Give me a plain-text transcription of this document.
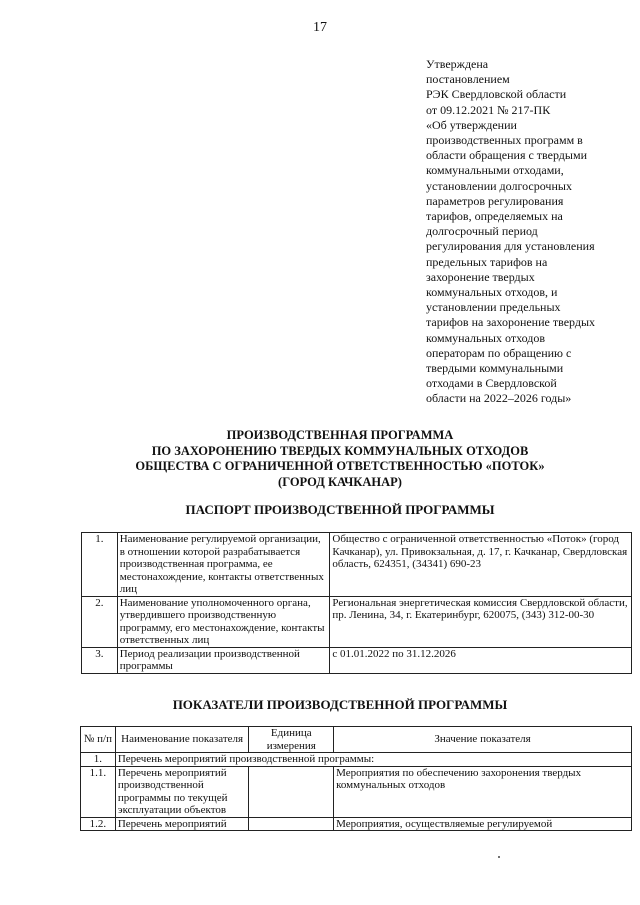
17
Утверждена
постановлением
РЭК Свердловской области
от 09.12.2021 № 217-ПК
«Об утверждении
производственных программ в
области обращения с твердыми
коммунальными отходами,
установлении долгосрочных
параметров регулирования
тарифов, определяемых на
долгосрочный период
регулирования для установления
предельных тарифов на
захоронение твердых
коммунальных отходов, и
установлении предельных
тарифов на захоронение твердых
коммунальных отходов
операторам по обращению с
твердыми коммунальными
отходами в Свердловской
области на 2022–2026 годы»
ПРОИЗВОДСТВЕННАЯ ПРОГРАММА
ПО ЗАХОРОНЕНИЮ ТВЕРДЫХ КОММУНАЛЬНЫХ ОТХОДОВ
ОБЩЕСТВА С ОГРАНИЧЕННОЙ ОТВЕТСТВЕННОСТЬЮ «ПОТОК»
(ГОРОД КАЧКАНАР)
ПАСПОРТ ПРОИЗВОДСТВЕННОЙ ПРОГРАММЫ
1.	Наименование регулируемой организации, в отношении которой разрабатывается производственная программа, ее местонахождение, контакты ответственных лиц	Общество с ограниченной ответственностью «Поток» (город Качканар), ул. Привокзальная, д. 17, г. Качканар, Свердловская область, 624351, (34341) 690-23
2.	Наименование уполномоченного органа, утвердившего производственную программу, его местонахождение, контакты ответственных лиц	Региональная энергетическая комиссия Свердловской области, пр. Ленина, 34, г. Екатеринбург, 620075, (343) 312-00-30
3.	Период реализации производственной программы	с 01.01.2022 по 31.12.2026
ПОКАЗАТЕЛИ ПРОИЗВОДСТВЕННОЙ ПРОГРАММЫ
№ п/п	Наименование показателя	Единица измерения	Значение показателя
1.	Перечень мероприятий производственной программы:		
1.1.	Перечень мероприятий производственной программы по текущей эксплуатации объектов		Мероприятия по обеспечению захоронения твердых коммунальных отходов
1.2.	Перечень мероприятий		Мероприятия, осуществляемые регулируемой
